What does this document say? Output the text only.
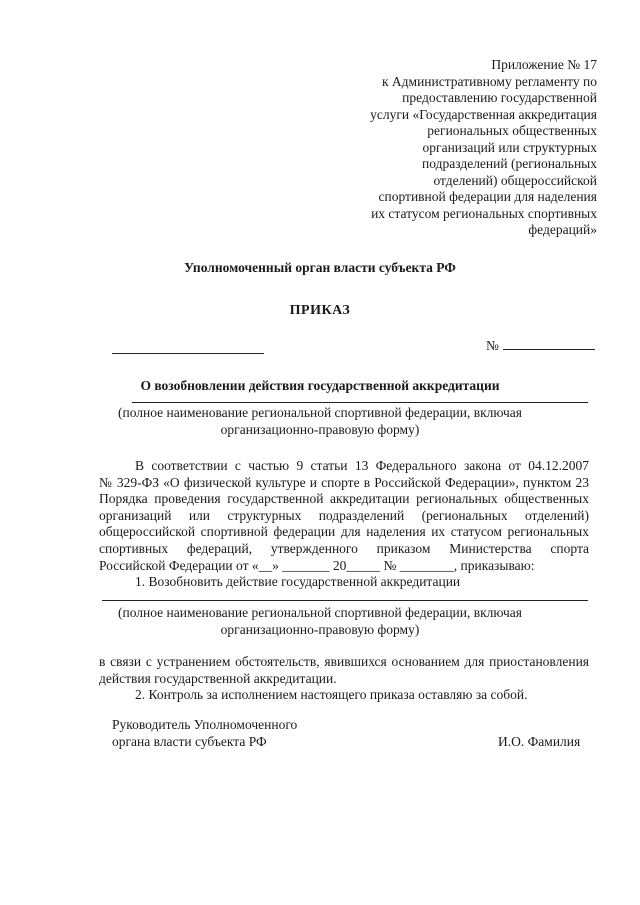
Приложение № 17
к Административному регламенту по
предоставлению государственной
услуги «Государственная аккредитация
региональных общественных
организаций или структурных
подразделений (региональных
отделений) общероссийской
спортивной федерации для наделения
их статусом региональных спортивных
федераций»
Уполномоченный орган власти субъекта РФ
ПРИКАЗ
№
О возобновлении действия государственной аккредитации
(полное наименование региональной спортивной федерации, включая
организационно-правовую форму)
В соответствии с частью 9 статьи 13 Федерального закона от 04.12.2007
№ 329-ФЗ «О физической культуре и спорте в Российской Федерации», пунктом 23
Порядка проведения государственной аккредитации региональных общественных
организаций или структурных подразделений (региональных отделений)
общероссийской спортивной федерации для наделения их статусом региональных
спортивных федераций, утвержденного приказом Министерства спорта
Российской Федерации от «__» _______ 20_____ № ________, приказываю:
1. Возобновить действие государственной аккредитации
(полное наименование региональной спортивной федерации, включая
организационно-правовую форму)
в связи с устранением обстоятельств, явившихся основанием для приостановления
действия государственной аккредитации.
2. Контроль за исполнением настоящего приказа оставляю за собой.
Руководитель Уполномоченного
органа власти субъекта РФ	И.О. Фамилия
